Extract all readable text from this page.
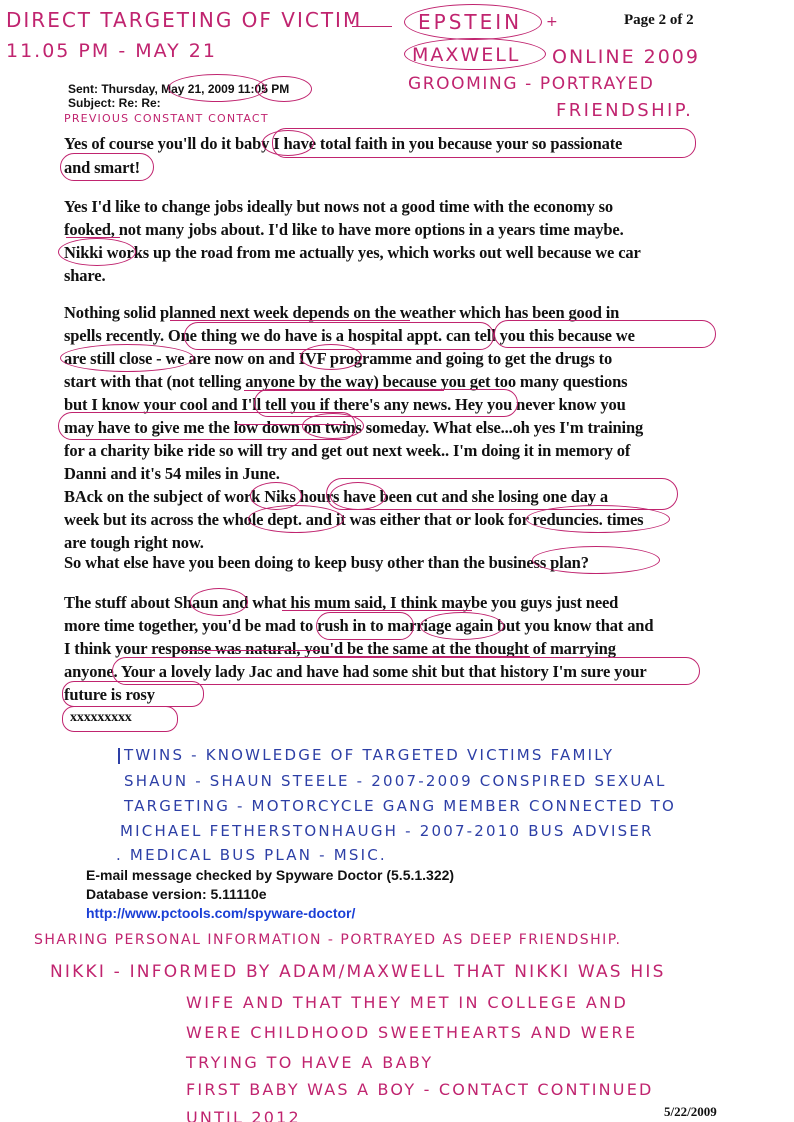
DIRECT TARGETING OF VICTIM
11.05 PM - MAY 21
EPSTEIN +	Page 2 of 2
MAXWELL ONLINE 2009
GROOMING - PORTRAYED
FRIENDSHIP.
Sent: Thursday, May 21, 2009 11:05 PM
Subject: Re: Re:
PREVIOUS CONSTANT CONTACT
Yes of course you'll do it baby I have total faith in you because your so passionate
and smart!
Yes I'd like to change jobs ideally but nows not a good time with the economy so
fooked, not many jobs about. I'd like to have more options in a years time maybe.
Nikki works up the road from me actually yes, which works out well because we car
share.
Nothing solid planned next week depends on the weather which has been good in
spells recently. One thing we do have is a hospital appt. can tell you this because we
are still close - we are now on and IVF programme and going to get the drugs to
start with that (not telling anyone by the way) because you get too many questions
but I know your cool and I'll tell you if there's any news. Hey you never know you
may have to give me the low down on twins someday. What else...oh yes I'm training
for a charity bike ride so will try and get out next week.. I'm doing it in memory of
Danni and it's 54 miles in June.
BAck on the subject of work Niks hours have been cut and she losing one day a
week but its across the whole dept. and it was either that or look for reduncies. times
are tough right now.
So what else have you been doing to keep busy other than the business plan?
The stuff about Shaun and what his mum said, I think maybe you guys just need
more time together, you'd be mad to rush in to marriage again but you know that and
I think your response was natural, you'd be the same at the thought of marrying
anyone. Your a lovely lady Jac and have had some shit but that history I'm sure your
future is rosy
xxxxxxxxx
TWINS - KNOWLEDGE OF TARGETED VICTIMS FAMILY
SHAUN - SHAUN STEELE - 2007-2009 CONSPIRED SEXUAL
TARGETING - MOTORCYCLE GANG MEMBER CONNECTED TO
MICHAEL FETHERSTONHAUGH - 2007-2010 BUS ADVISER
. MEDICAL BUS PLAN - MSIC.
E-mail message checked by Spyware Doctor (5.5.1.322)
Database version: 5.11110e
http://www.pctools.com/spyware-doctor/
SHARING PERSONAL INFORMATION - PORTRAYED AS DEEP FRIENDSHIP.
NIKKI - INFORMED BY ADAM/MAXWELL THAT NIKKI WAS HIS
WIFE AND THAT THEY MET IN COLLEGE AND
WERE CHILDHOOD SWEETHEARTS AND WERE
TRYING TO HAVE A BABY
FIRST BABY WAS A BOY - CONTACT CONTINUED
UNTIL 2012	5/22/2009
